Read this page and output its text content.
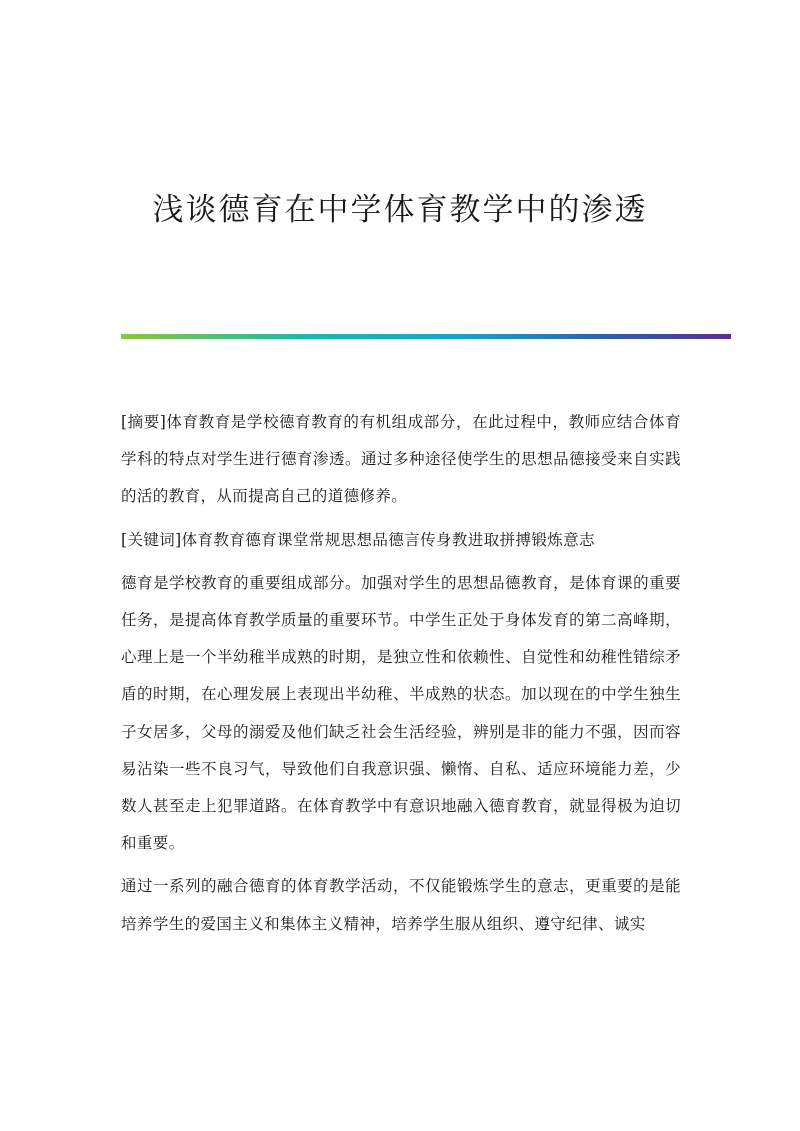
浅谈德育在中学体育教学中的渗透

[摘要]体育教育是学校德育教育的有机组成部分，在此过程中，教师应结合体育学科的特点对学生进行德育渗透。通过多种途径使学生的思想品德接受来自实践的活的教育，从而提高自己的道德修养。

[关键词]体育教育德育课堂常规思想品德言传身教进取拼搏锻炼意志

德育是学校教育的重要组成部分。加强对学生的思想品德教育，是体育课的重要任务，是提高体育教学质量的重要环节。中学生正处于身体发育的第二高峰期，心理上是一个半幼稚半成熟的时期，是独立性和依赖性、自觉性和幼稚性错综矛盾的时期，在心理发展上表现出半幼稚、半成熟的状态。加以现在的中学生独生子女居多，父母的溺爱及他们缺乏社会生活经验，辨别是非的能力不强，因而容易沾染一些不良习气，导致他们自我意识强、懒惰、自私、适应环境能力差，少数人甚至走上犯罪道路。在体育教学中有意识地融入德育教育，就显得极为迫切和重要。

通过一系列的融合德育的体育教学活动，不仅能锻炼学生的意志，更重要的是能培养学生的爱国主义和集体主义精神，培养学生服从组织、遵守纪律、诚实
